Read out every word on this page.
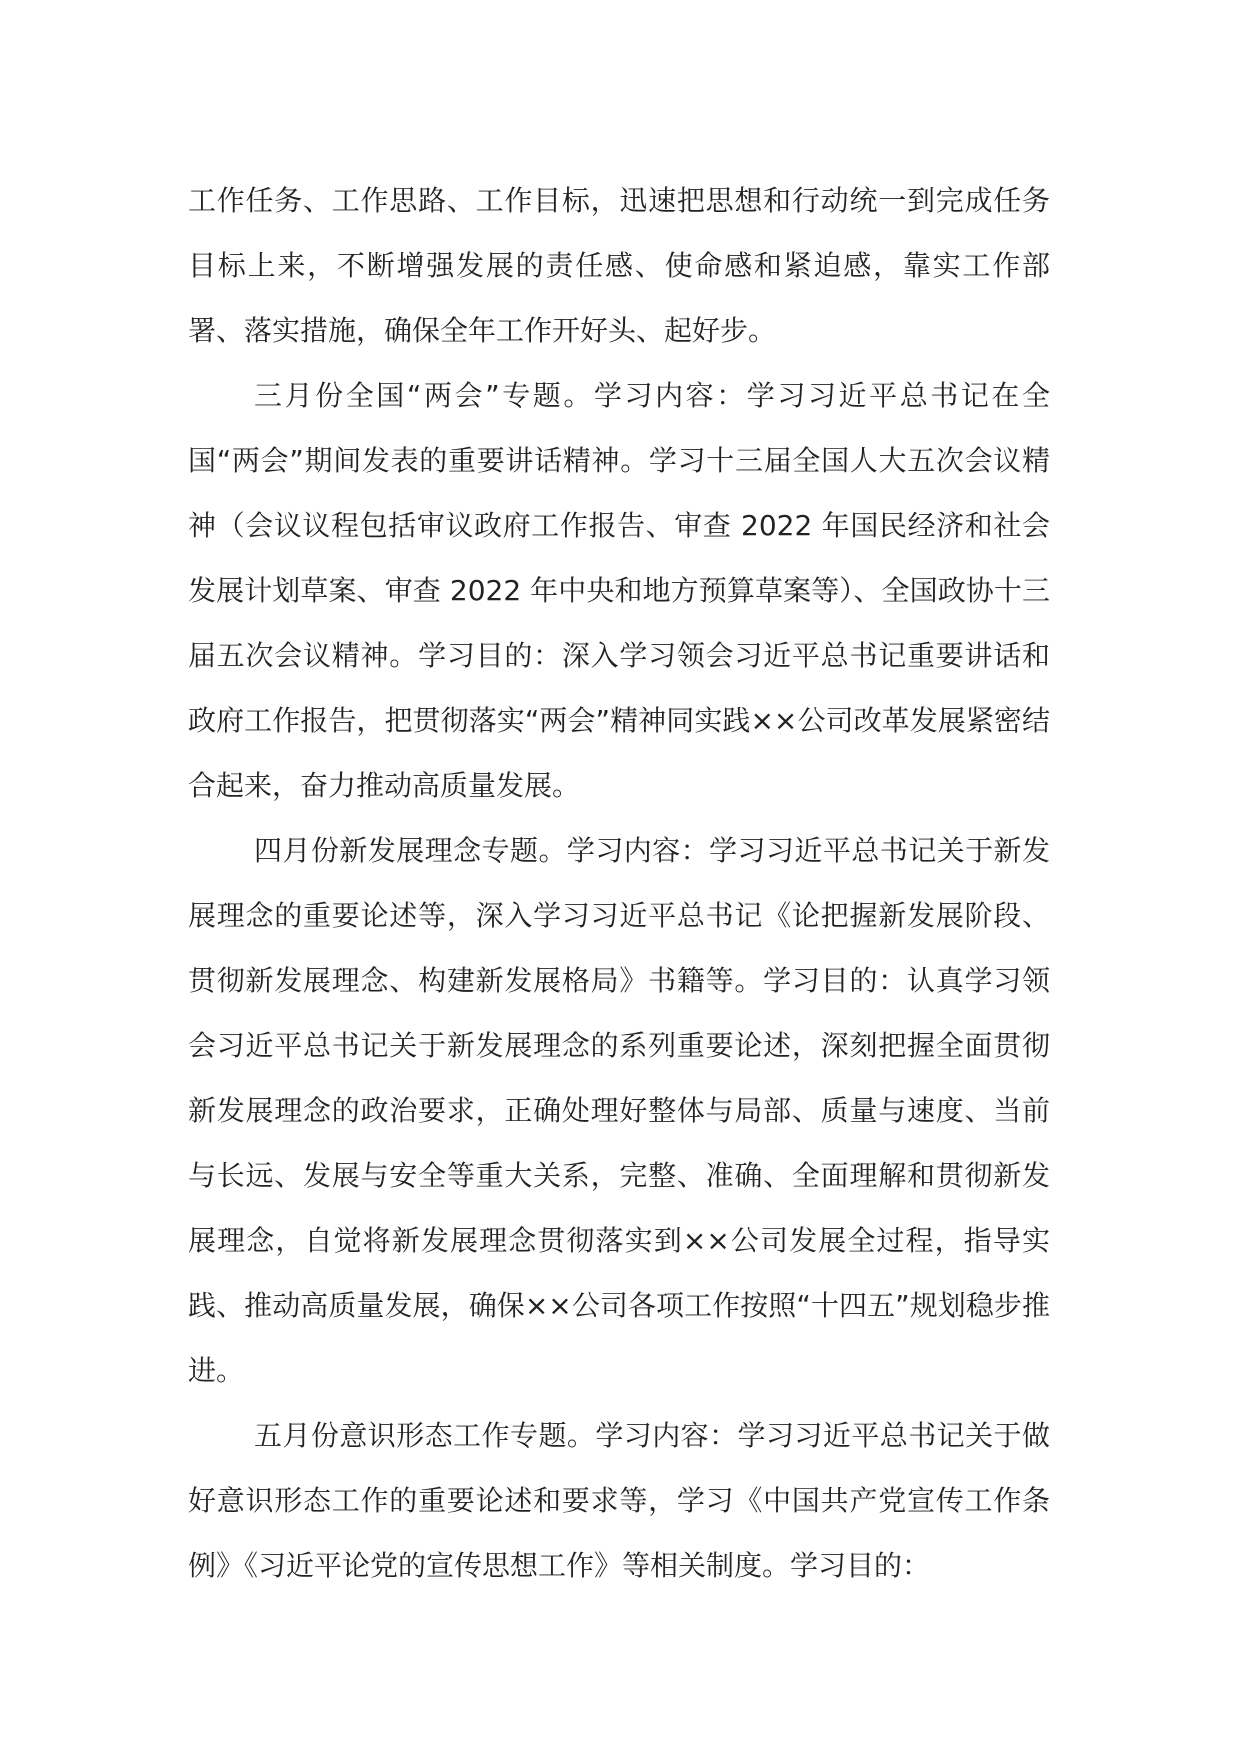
工作任务、工作思路、工作目标，迅速把思想和行动统一到完成任务目标上来，不断增强发展的责任感、使命感和紧迫感，靠实工作部署、落实措施，确保全年工作开好头、起好步。

三月份全国“两会”专题。学习内容：学习习近平总书记在全国“两会”期间发表的重要讲话精神。学习十三届全国人大五次会议精神（会议议程包括审议政府工作报告、审查 2022 年国民经济和社会发展计划草案、审查 2022 年中央和地方预算草案等）、全国政协十三届五次会议精神。学习目的：深入学习领会习近平总书记重要讲话和政府工作报告，把贯彻落实“两会”精神同实践××公司改革发展紧密结合起来，奋力推动高质量发展。

四月份新发展理念专题。学习内容：学习习近平总书记关于新发展理念的重要论述等，深入学习习近平总书记《论把握新发展阶段、贯彻新发展理念、构建新发展格局》书籍等。学习目的：认真学习领会习近平总书记关于新发展理念的系列重要论述，深刻把握全面贯彻新发展理念的政治要求，正确处理好整体与局部、质量与速度、当前与长远、发展与安全等重大关系，完整、准确、全面理解和贯彻新发展理念，自觉将新发展理念贯彻落实到××公司发展全过程，指导实践、推动高质量发展，确保××公司各项工作按照“十四五”规划稳步推进。

五月份意识形态工作专题。学习内容：学习习近平总书记关于做好意识形态工作的重要论述和要求等，学习《中国共产党宣传工作条例》《习近平论党的宣传思想工作》等相关制度。学习目的：
